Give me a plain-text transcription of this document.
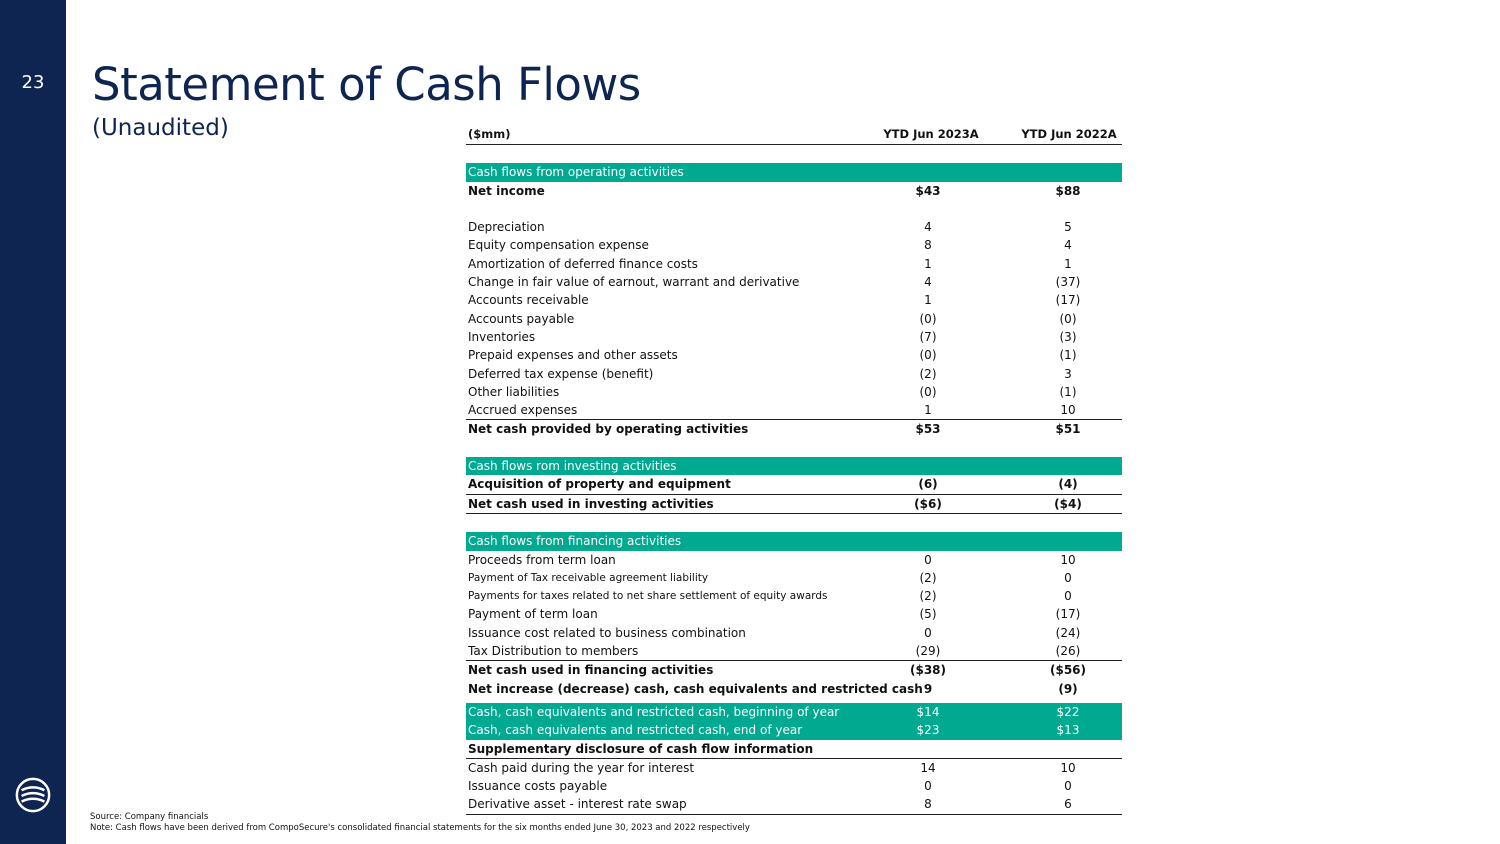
23	Statement of Cash Flows
(Unaudited)	($mm)	YTD Jun 2023A	YTD Jun 2022A
Cash flows from operating activities
Net income	$43	$88
Depreciation	4	5
Equity compensation expense	8	4
Amortization of deferred finance costs	1	1
Change in fair value of earnout, warrant and derivative	4	(37)
Accounts receivable	1	(17)
Accounts payable	(0)	(0)
Inventories	(7)	(3)
Prepaid expenses and other assets	(0)	(1)
Deferred tax expense (benefit)	(2)	3
Other liabilities	(0)	(1)
Accrued expenses	1	10
Net cash provided by operating activities	$53	$51
Cash flows rom investing activities
Acquisition of property and equipment	(6)	(4)
Net cash used in investing activities	($6)	($4)
Cash flows from financing activities
Proceeds from term loan	0	10
Payment of Tax receivable agreement liability	(2)	0
Payments for taxes related to net share settlement of equity awards	(2)	0
Payment of term loan	(5)	(17)
Issuance cost related to business combination	0	(24)
Tax Distribution to members	(29)	(26)
Net cash used in financing activities	($38)	($56)
Net increase (decrease) cash, cash equivalents and restricted cash 9	(9)
Cash, cash equivalents and restricted cash, beginning of year	$14	$22
Cash, cash equivalents and restricted cash, end of year	$23	$13
Supplementary disclosure of cash flow information
Cash paid during the year for interest	14	10
Issuance costs payable	0	0
Derivative asset - interest rate swap	8	6
Source: Company financials
Note: Cash flows have been derived from CompoSecure's consolidated financial statements for the six months ended June 30, 2023 and 2022 respectively
